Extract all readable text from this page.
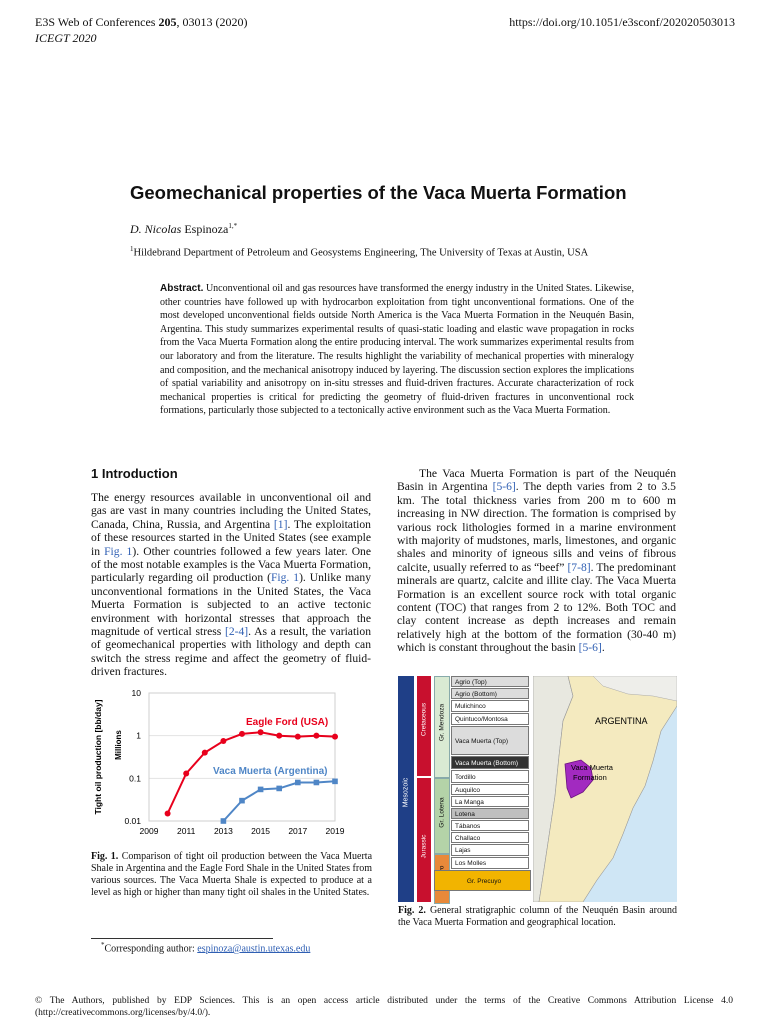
E3S Web of Conferences 205, 03013 (2020)	https://doi.org/10.1051/e3sconf/202020503013
ICEGT 2020
Geomechanical properties of the Vaca Muerta Formation
D. Nicolas Espinoza$^{1,*}$
$^1$Hildebrand Department of Petroleum and Geosystems Engineering, The University of Texas at Austin, USA
Abstract. Unconventional oil and gas resources have transformed the energy industry in the United States. Likewise, other countries have followed up with hydrocarbon exploitation from tight unconventional formations. One of the most developed unconventional fields outside North America is the Vaca Muerta Formation in the Neuquén Basin, Argentina. This study summarizes experimental results of quasi-static loading and elastic wave propagation in rocks from the Vaca Muerta Formation along the entire producing interval. The work summarizes experimental results from our laboratory and from the literature. The results highlight the variability of mechanical properties with mineralogy and composition, and the mechanical anisotropy induced by layering. The discussion section explores the implications of spatial variability and anisotropy on in-situ stresses and fluid-driven fractures. Accurate characterization of rock mechanical properties is critical for predicting the geometry of fluid-driven fractures in unconventional rock formations, particularly those subjected to a tectonically active environment such as the Vaca Muerta Formation.
1 Introduction
The energy resources available in unconventional oil and gas are vast in many countries including the United States, Canada, China, Russia, and Argentina [1]. The exploitation of these resources started in the United States (see example in Fig. 1). Other countries followed a few years later. One of the most notable examples is the Vaca Muerta Formation, particularly regarding oil production (Fig. 1). Unlike many unconventional formations in the United States, the Vaca Muerta Formation is subjected to an active tectonic environment with horizontal stresses that approach the magnitude of vertical stress [2-4]. As a result, the variation of geomechanical properties with lithology and depth can switch the stress regime and affect the geometry of fluid-driven fractures.
The Vaca Muerta Formation is part of the Neuquén Basin in Argentina [5-6]. The depth varies from 2 to 3.5 km. The total thickness varies from 200 m to 600 m increasing in NW direction. The formation is comprised by various rock lithologies formed in a marine environment with majority of mudstones, marls, limestones, and organic shales and minority of igneous sills and veins of fibrous calcite, usually referred to as “beef” [7-8]. The predominant minerals are quartz, calcite and illite clay. The Vaca Muerta Formation is an excellent source rock with total organic content (TOC) that ranges from 2 to 12%. Both TOC and clay content increase as depth increases and remain relatively high at the bottom of the formation (30-40 m) which is constant throughout the basin [5-6].
10
1
0.1
0.01
2009 2011 2013 2015 2017 2019
Tight oil production [bb/day] Millions
Eagle Ford (USA)
Vaca Muerta (Argentina)
Fig. 1. Comparison of tight oil production between the Vaca Muerta Shale in Argentina and the Eagle Ford Shale in the United States from various sources. The Vaca Muerta Shale is expected to produce at a level as high or higher than many tight oil shales in the United States.
Mesozoic
Cretaceous
Jurassic
Gr. Mendoza
Gr. Lotena
Agrio (Top)
Agrio (Bottom)
Mulichinco
Quintuco/Montosa
Vaca Muerta (Top)
Vaca Muerta (Bottom)
Tordillo
Auquilco
La Manga
Lotena
Tábanos
Challaco
Lajas
Los Molles
Gr. Precuyo
ARGENTINA
Vaca Muerta
Formation
Fig. 2. General stratigraphic column of the Neuquén Basin around the Vaca Muerta Formation and geographical location.
*Corresponding author: espinoza@austin.utexas.edu
© The Authors, published by EDP Sciences. This is an open access article distributed under the terms of the Creative Commons Attribution License 4.0 (http://creativecommons.org/licenses/by/4.0/).
